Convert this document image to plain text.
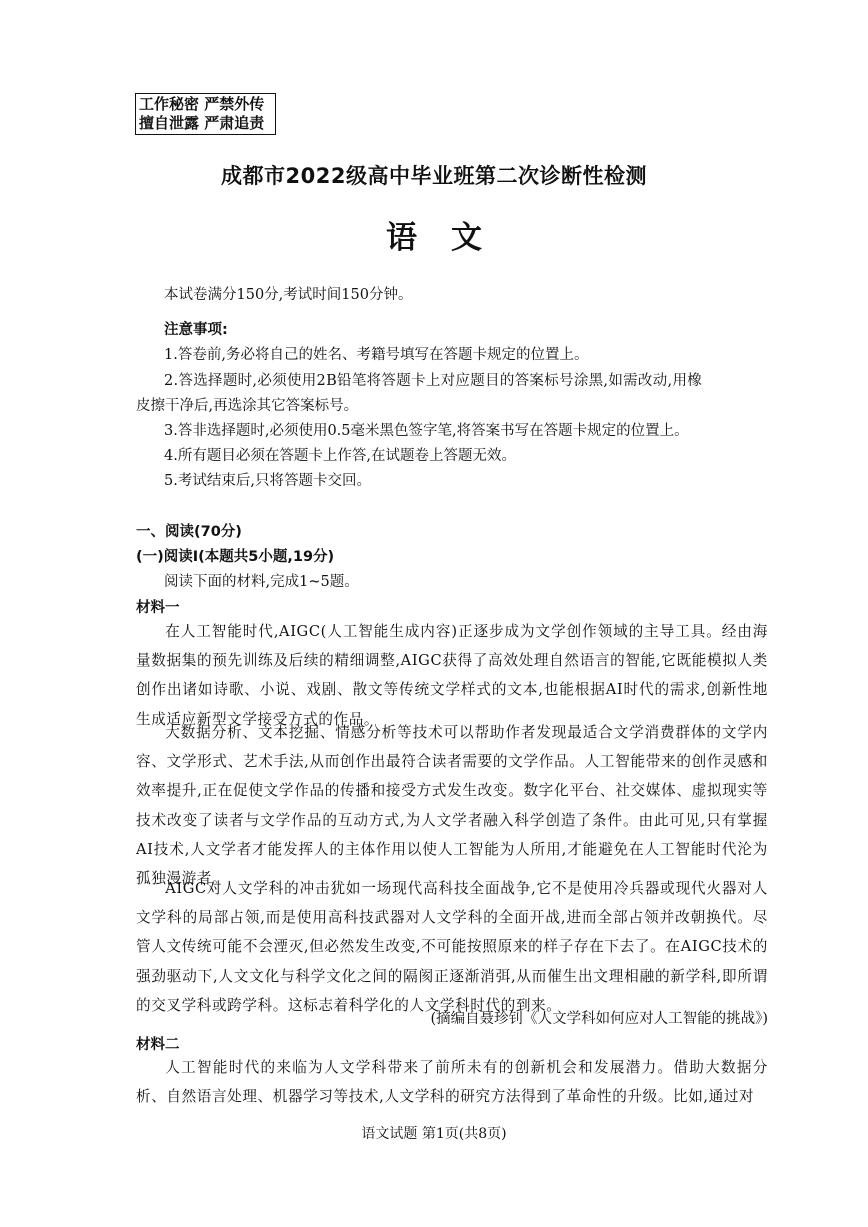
工作秘密 严禁外传
擅自泄露 严肃追责
成都市2022级高中毕业班第二次诊断性检测
语文
本试卷满分150分,考试时间150分钟。
注意事项:
1.答卷前,务必将自己的姓名、考籍号填写在答题卡规定的位置上。
2.答选择题时,必须使用2B铅笔将答题卡上对应题目的答案标号涂黑,如需改动,用橡
皮擦干净后,再选涂其它答案标号。
3.答非选择题时,必须使用0.5毫米黑色签字笔,将答案书写在答题卡规定的位置上。
4.所有题目必须在答题卡上作答,在试题卷上答题无效。
5.考试结束后,只将答题卡交回。
一、阅读(70分)
(一)阅读Ⅰ(本题共5小题,19分)
阅读下面的材料,完成1~5题。
材料一
在人工智能时代,AIGC(人工智能生成内容)正逐步成为文学创作领域的主导工具。经由海量数据集的预先训练及后续的精细调整,AIGC获得了高效处理自然语言的智能,它既能模拟人类创作出诸如诗歌、小说、戏剧、散文等传统文学样式的文本,也能根据AI时代的需求,创新性地生成适应新型文学接受方式的作品。
大数据分析、文本挖掘、情感分析等技术可以帮助作者发现最适合文学消费群体的文学内容、文学形式、艺术手法,从而创作出最符合读者需要的文学作品。人工智能带来的创作灵感和效率提升,正在促使文学作品的传播和接受方式发生改变。数字化平台、社交媒体、虚拟现实等技术改变了读者与文学作品的互动方式,为人文学者融入科学创造了条件。由此可见,只有掌握AI技术,人文学者才能发挥人的主体作用以使人工智能为人所用,才能避免在人工智能时代沦为孤独漫游者。
AIGC对人文学科的冲击犹如一场现代高科技全面战争,它不是使用冷兵器或现代火器对人文学科的局部占领,而是使用高科技武器对人文学科的全面开战,进而全部占领并改朝换代。尽管人文传统可能不会湮灭,但必然发生改变,不可能按照原来的样子存在下去了。在AIGC技术的强劲驱动下,人文文化与科学文化之间的隔阂正逐渐消弭,从而催生出文理相融的新学科,即所谓的交叉学科或跨学科。这标志着科学化的人文学科时代的到来。
(摘编自聂珍钊《人文学科如何应对人工智能的挑战》)
材料二
人工智能时代的来临为人文学科带来了前所未有的创新机会和发展潜力。借助大数据分析、自然语言处理、机器学习等技术,人文学科的研究方法得到了革命性的升级。比如,通过对
语文试题 第1页(共8页)
